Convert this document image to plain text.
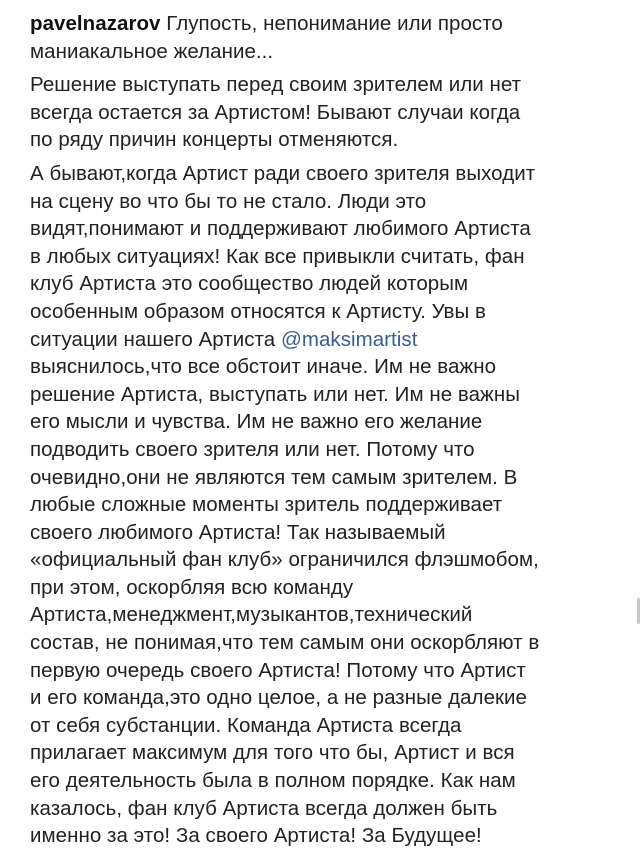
pavelnazarov Глупость, непонимание или просто
маниакальное желание...
Решение выступать перед своим зрителем или нет
всегда остается за Артистом! Бывают случаи когда
по ряду причин концерты отменяются.
А бывают,когда Артист ради своего зрителя выходит
на сцену во что бы то не стало. Люди это
видят,понимают и поддерживают любимого Артиста
в любых ситуациях! Как все привыкли считать, фан
клуб Артиста это сообщество людей которым
особенным образом относятся к Артисту. Увы в
ситуации нашего Артиста @maksimartist
выяснилось,что все обстоит иначе. Им не важно
решение Артиста, выступать или нет. Им не важны
его мысли и чувства. Им не важно его желание
подводить своего зрителя или нет. Потому что
очевидно,они не являются тем самым зрителем. В
любые сложные моменты зритель поддерживает
своего любимого Артиста! Так называемый
«официальный фан клуб» ограничился флэшмобом,
при этом, оскорбляя всю команду
Артиста,менеджмент,музыкантов,технический
состав, не понимая,что тем самым они оскорбляют в
первую очередь своего Артиста! Потому что Артист
и его команда,это одно целое, а не разные далекие
от себя субстанции. Команда Артиста всегда
прилагает максимум для того что бы, Артист и вся
его деятельность была в полном порядке. Как нам
казалось, фан клуб Артиста всегда должен быть
именно за это! За своего Артиста! За Будущее!
